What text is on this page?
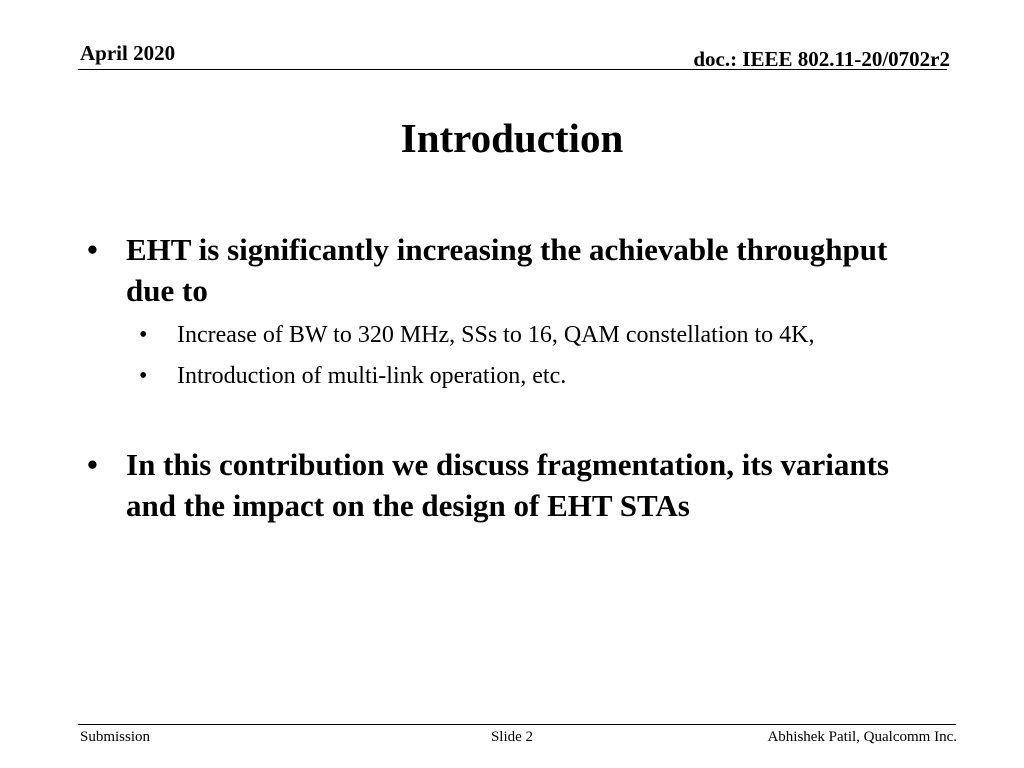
April 2020	doc.: IEEE 802.11-20/0702r2
Introduction
• EHT is significantly increasing the achievable throughput due to
• Increase of BW to 320 MHz, SSs to 16, QAM constellation to 4K,
• Introduction of multi-link operation, etc.
• In this contribution we discuss fragmentation, its variants and the impact on the design of EHT STAs
Submission	Slide 2	Abhishek Patil, Qualcomm Inc.
